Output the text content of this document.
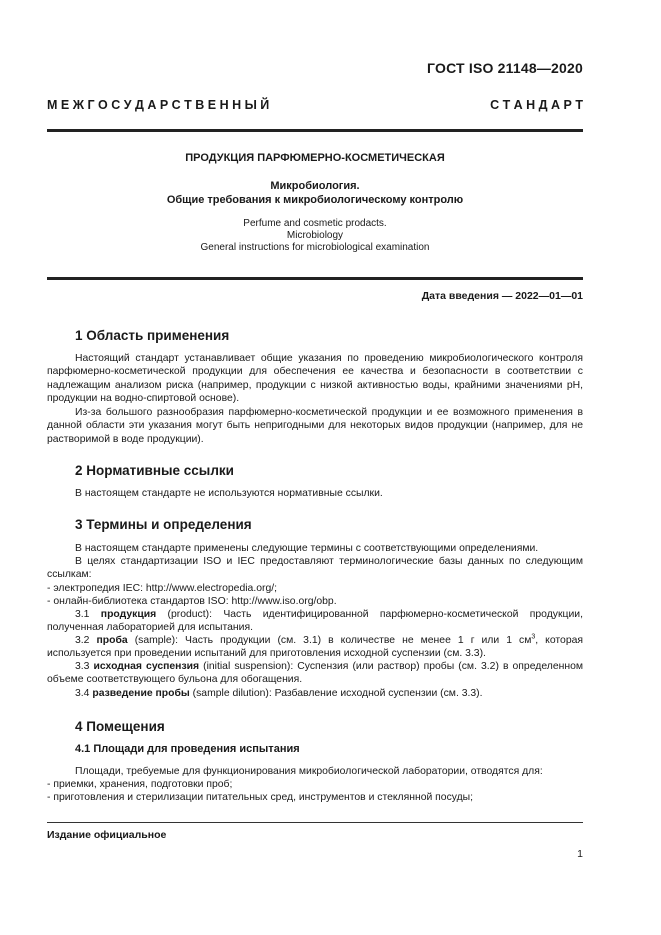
ГОСТ ISO 21148—2020
М Е Ж Г О С У Д А Р С Т В Е Н Н Ы Й	С Т А Н Д А Р Т
ПРОДУКЦИЯ ПАРФЮМЕРНО-КОСМЕТИЧЕСКАЯ
Микробиология.
Общие требования к микробиологическому контролю
Perfume and cosmetic prodacts.
Microbiology
General instructions for microbiological examination
Дата введения — 2022—01—01
1 Область применения
Настоящий стандарт устанавливает общие указания по проведению микробиологического контроля парфюмерно-косметической продукции для обеспечения ее качества и безопасности в соответствии с надлежащим анализом риска (например, продукции с низкой активностью воды, крайними значениями pH, продукции на водно-спиртовой основе).
Из-за большого разнообразия парфюмерно-косметической продукции и ее возможного применения в данной области эти указания могут быть непригодными для некоторых видов продукции (например, для не растворимой в воде продукции).
2 Нормативные ссылки
В настоящем стандарте не используются нормативные ссылки.
3 Термины и определения
В настоящем стандарте применены следующие термины с соответствующими определениями.
В целях стандартизации ISO и IEC предоставляют терминологические базы данных по следующим ссылкам:
- электропедия IEC: http://www.electropedia.org/;
- онлайн-библиотека стандартов ISO: http://www.iso.org/obp.
3.1 продукция (product): Часть идентифицированной парфюмерно-косметической продукции, полученная лабораторией для испытания.
3.2 проба (sample): Часть продукции (см. 3.1) в количестве не менее 1 г или 1 $см^3$, которая используется при проведении испытаний для приготовления исходной суспензии (см. 3.3).
3.3 исходная суспензия (initial suspension): Суспензия (или раствор) пробы (см. 3.2) в определенном объеме соответствующего бульона для обогащения.
3.4 разведение пробы (sample dilution): Разбавление исходной суспензии (см. 3.3).
4 Помещения
4.1 Площади для проведения испытания
Площади, требуемые для функционирования микробиологической лаборатории, отводятся для:
- приемки, хранения, подготовки проб;
- приготовления и стерилизации питательных сред, инструментов и стеклянной посуды;
Издание официальное
1
